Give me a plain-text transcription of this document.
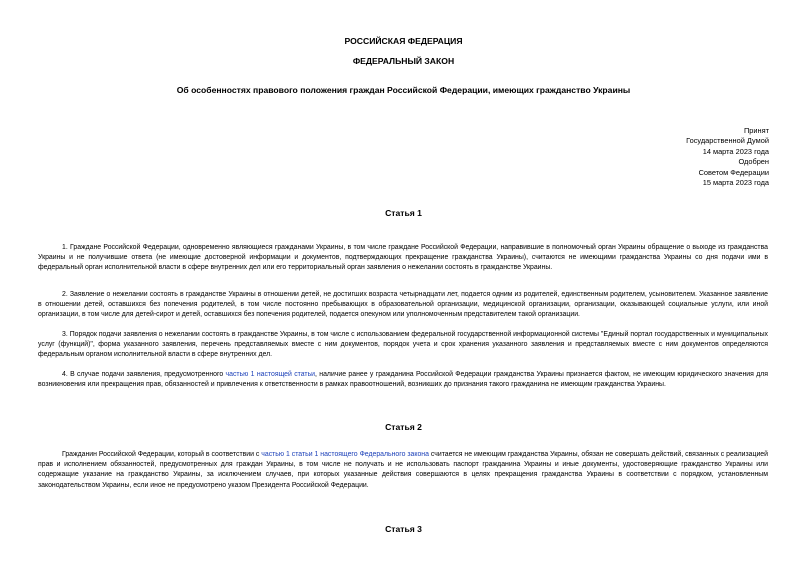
РОССИЙСКАЯ ФЕДЕРАЦИЯ
ФЕДЕРАЛЬНЫЙ ЗАКОН
Об особенностях правового положения граждан Российской Федерации, имеющих гражданство Украины
Принят
Государственной Думой
14 марта 2023 года
Одобрен
Советом Федерации
15 марта 2023 года
Статья 1

1. Граждане Российской Федерации, одновременно являющиеся гражданами Украины, в том числе граждане Российской Федерации, направившие в полномочный орган Украины обращение о выходе из гражданства Украины и не получившие ответа (не имеющие достоверной информации и документов, подтверждающих прекращение гражданства Украины), считаются не имеющими гражданства Украины со дня подачи ими в федеральный орган исполнительной власти в сфере внутренних дел или его территориальный орган заявления о нежелании состоять в гражданстве Украины.

2. Заявление о нежелании состоять в гражданстве Украины в отношении детей, не достигших возраста четырнадцати лет, подается одним из родителей, единственным родителем, усыновителем. Указанное заявление в отношении детей, оставшихся без попечения родителей, в том числе постоянно пребывающих в образовательной организации, медицинской организации, организации, оказывающей социальные услуги, или иной организации, в том числе для детей-сирот и детей, оставшихся без попечения родителей, подается опекуном или уполномоченным представителем такой организации.

3. Порядок подачи заявления о нежелании состоять в гражданстве Украины, в том числе с использованием федеральной государственной информационной системы "Единый портал государственных и муниципальных услуг (функций)", форма указанного заявления, перечень представляемых вместе с ним документов, порядок учета и срок хранения указанного заявления и представляемых вместе с ним документов определяются федеральным органом исполнительной власти в сфере внутренних дел.

4. В случае подачи заявления, предусмотренного частью 1 настоящей статьи, наличие ранее у гражданина Российской Федерации гражданства Украины признается фактом, не имеющим юридического значения для возникновения или прекращения прав, обязанностей и привлечения к ответственности в рамках правоотношений, возникших до признания такого гражданина не имеющим гражданства Украины.

Статья 2

Гражданин Российской Федерации, который в соответствии с частью 1 статьи 1 настоящего Федерального закона считается не имеющим гражданства Украины, обязан не совершать действий, связанных с реализацией прав и исполнением обязанностей, предусмотренных для граждан Украины, в том числе не получать и не использовать паспорт гражданина Украины и иные документы, удостоверяющие гражданство Украины или содержащие указание на гражданство Украины, за исключением случаев, при которых указанные действия совершаются в целях прекращения гражданства Украины в соответствии с порядком, установленным законодательством Украины, если иное не предусмотрено указом Президента Российской Федерации.

Статья 3
